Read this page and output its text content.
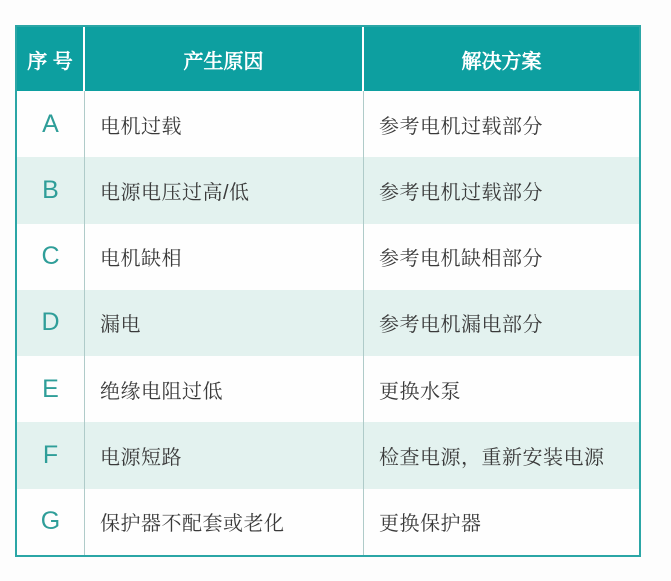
序 号	产生原因	解决方案
A	电机过载	参考电机过载部分
B	电源电压过高/低	参考电机过载部分
C	电机缺相	参考电机缺相部分
D	漏电	参考电机漏电部分
E	绝缘电阻过低	更换水泵
F	电源短路	检查电源，重新安装电源
G	保护器不配套或老化	更换保护器
